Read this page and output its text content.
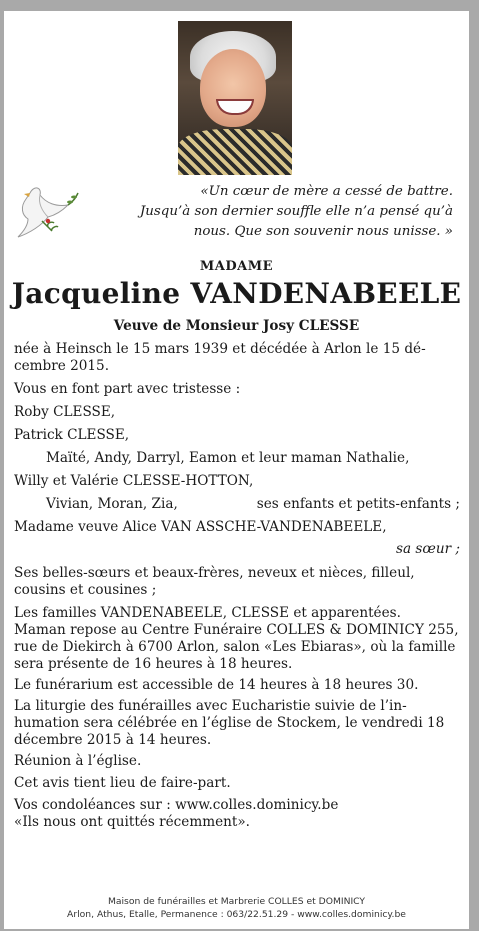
«Un cœur de mère a cessé de battre.
Jusqu’à son dernier souffle elle n’a pensé qu’à
nous. Que son souvenir nous unisse. »
MADAME
Jacqueline VANDENABEELE
Veuve de Monsieur Josy CLESSE

née à Heinsch le 15 mars 1939 et décédée à Arlon le 15 dé-cembre 2015.

Vous en font part avec tristesse :

Roby CLESSE,

Patrick CLESSE,

Maïté, Andy, Darryl, Eamon et leur maman Nathalie,

Willy et Valérie CLESSE-HOTTON,

Vivian, Moran, Zia,	ses enfants et petits-enfants ;

Madame veuve Alice VAN ASSCHE-VANDENABEELE,

sa sœur ;

Ses belles-sœurs et beaux-frères, neveux et nièces, filleul, cousins et cousines ;

Les familles VANDENABEELE, CLESSE et apparentées.

Maman repose au Centre Funéraire COLLES & DOMINICY 255, rue de Diekirch à 6700 Arlon, salon «Les Ebiaras», où la famille sera présente de 16 heures à 18 heures.

Le funérarium est accessible de 14 heures à 18 heures 30.

La liturgie des funérailles avec Eucharistie suivie de l’in-humation sera célébrée en l’église de Stockem, le vendredi 18 décembre 2015 à 14 heures.

Réunion à l’église.

Cet avis tient lieu de faire-part.

Vos condoléances sur : www.colles.dominicy.be

«Ils nous ont quittés récemment».

Maison de funérailles et Marbrerie COLLES et DOMINICY
Arlon, Athus, Etalle, Permanence : 063/22.51.29 - www.colles.dominicy.be
